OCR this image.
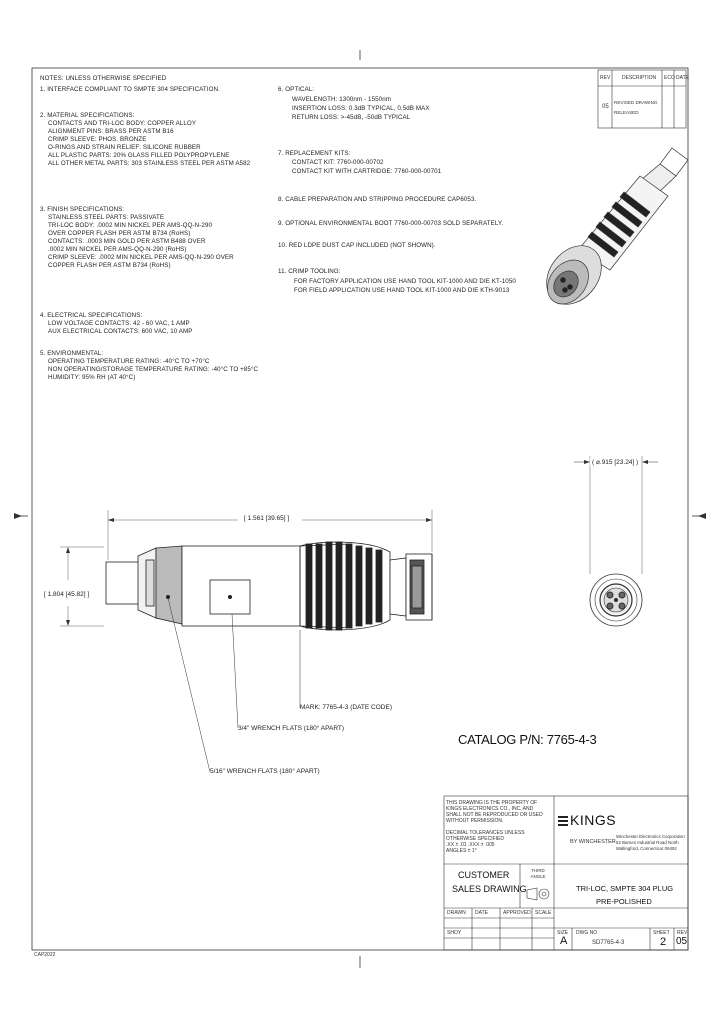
NOTES: UNLESS OTHERWISE SPECIFIED
1. INTERFACE COMPLIANT TO SMPTE 304 SPECIFICATION.
2. MATERIAL SPECIFICATIONS:
CONTACTS AND TRI-LOC BODY: COPPER ALLOY
ALIGNMENT PINS: BRASS PER ASTM B16
CRIMP SLEEVE: PHOS. BRONZE
O-RINGS AND STRAIN RELIEF: SILICONE RUBBER
ALL PLASTIC PARTS: 20% GLASS FILLED POLYPROPYLENE
ALL OTHER METAL PARTS: 303 STAINLESS STEEL PER ASTM A582
3. FINISH SPECIFICATIONS:
STAINLESS STEEL PARTS: PASSIVATE
TRI-LOC BODY: .0002 MIN NICKEL PER AMS-QQ-N-290
OVER COPPER FLASH PER ASTM B734 (RoHS)
CONTACTS: .0003 MIN GOLD PER ASTM B488 OVER
.0002 MIN NICKEL PER AMS-QQ-N-290 (RoHS)
CRIMP SLEEVE: .0002 MIN NICKEL PER AMS-QQ-N-290 OVER
COPPER FLASH PER ASTM B734 (RoHS)
4. ELECTRICAL SPECIFICATIONS:
LOW VOLTAGE CONTACTS: 42 - 60 VAC, 1 AMP
AUX ELECTRICAL CONTACTS: 600 VAC, 10 AMP
5. ENVIRONMENTAL:
OPERATING TEMPERATURE RATING: -40°C TO +70°C
NON OPERATING/STORAGE TEMPERATURE RATING: -40°C TO +85°C
HUMIDITY: 95% RH (AT 40°C)
6. OPTICAL:
WAVELENGTH: 1300nm - 1550nm
INSERTION LOSS: 0.3dB TYPICAL, 0.5dB MAX
RETURN LOSS: >-45dB, -50dB TYPICAL
7. REPLACEMENT KITS:
CONTACT KIT: 7760-000-00702
CONTACT KIT WITH CARTRIDGE: 7760-000-00701
8. CABLE PREPARATION AND STRIPPING PROCEDURE CAP6053.
9. OPTIONAL ENVIRONMENTAL BOOT 7760-000-00703 SOLD SEPARATELY.
10. RED LDPE DUST CAP INCLUDED (NOT SHOWN).
11. CRIMP TOOLING:
FOR FACTORY APPLICATION USE HAND TOOL KIT-1000 AND DIE KT-1050
FOR FIELD APPLICATION USE HAND TOOL KIT-1000 AND DIE KTH-9013
REV DESCRIPTION ECO DATE
05
REVISED DRAWING
RELEASED
[ 1.561 [39.65] ]
[ 1.804 [45.82] ]
( ⌀.915 [23.24] )
MARK: 7765-4-3 (DATE CODE)
3/4" WRENCH FLATS (180° APART)
5/16" WRENCH FLATS (180° APART)
CATALOG P/N: 7765-4-3
THIS DRAWING IS THE PROPERTY OF
KINGS ELECTRONICS CO., INC. AND
SHALL NOT BE REPRODUCED OR USED
WITHOUT PERMISSION.
DECIMAL TOLERANCES UNLESS
OTHERWISE SPECIFIED
.XX ± .01 .XXX ± .005
ANGLES ± 1°
KINGS
BY WINCHESTER
Winchester Electronics Corporation
62 Barnes Industrial Road North
Wallingford, Connecticut 06492
CUSTOMER
SALES DRAWING
THIRD ANGLE
TRI-LOC, SMPTE 304 PLUG
PRE-POLISHED
DRAWN DATE	APPROVED SCALE
SHOY	SIZE
A
DWG NO
SD7765-4-3
SHEET
2
REV
05
CAP2022
